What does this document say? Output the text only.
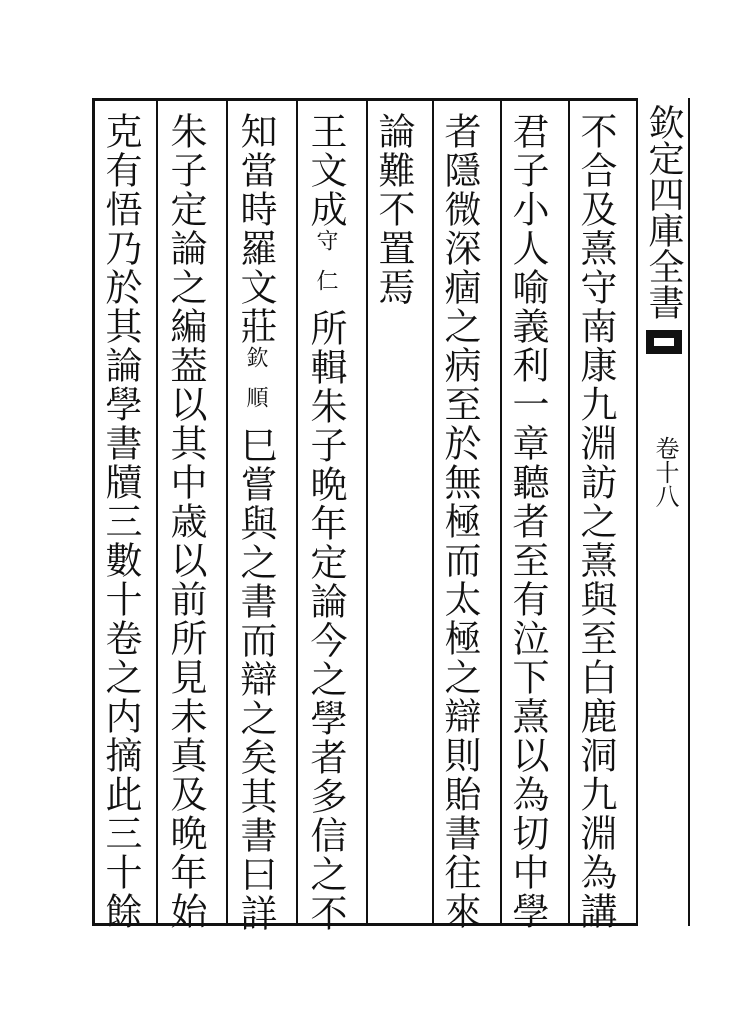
欽定四庫全書
卷十八
不合及熹守南康九淵訪之熹與至白鹿洞九淵為講
君子小人喻義利一章聽者至有泣下熹以為切中學
者隱微深痼之病至於無極而太極之辯則貽書往來
論難不置焉
王文成守仁所輯朱子晩年定論今之學者多信之不
知當時羅文莊欽順巳嘗與之書而辯之矣其書曰詳
朱子定論之編葢以其中歳以前所見未真及晩年始
克有悟乃於其論學書牘三數十卷之内摘此三十餘
